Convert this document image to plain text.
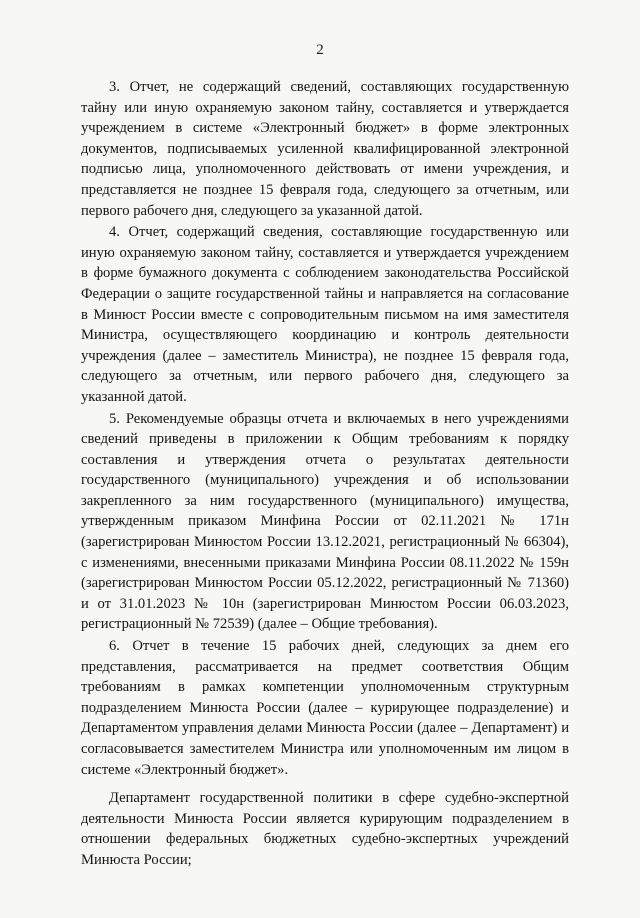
2

3. Отчет, не содержащий сведений, составляющих государственную тайну или иную охраняемую законом тайну, составляется и утверждается учреждением в системе «Электронный бюджет» в форме электронных документов, подписываемых усиленной квалифицированной электронной подписью лица, уполномоченного действовать от имени учреждения, и представляется не позднее 15 февраля года, следующего за отчетным, или первого рабочего дня, следующего за указанной датой.

4. Отчет, содержащий сведения, составляющие государственную или иную охраняемую законом тайну, составляется и утверждается учреждением в форме бумажного документа с соблюдением законодательства Российской Федерации о защите государственной тайны и направляется на согласование в Минюст России вместе с сопроводительным письмом на имя заместителя Министра, осуществляющего координацию и контроль деятельности учреждения (далее – заместитель Министра), не позднее 15 февраля года, следующего за отчетным, или первого рабочего дня, следующего за указанной датой.

5. Рекомендуемые образцы отчета и включаемых в него учреждениями сведений приведены в приложении к Общим требованиям к порядку составления и утверждения отчета о результатах деятельности государственного (муниципального) учреждения и об использовании закрепленного за ним государственного (муниципального) имущества, утвержденным приказом Минфина России от 02.11.2021 № 171н (зарегистрирован Минюстом России 13.12.2021, регистрационный № 66304), с изменениями, внесенными приказами Минфина России 08.11.2022 № 159н (зарегистрирован Минюстом России 05.12.2022, регистрационный № 71360) и от 31.01.2023 № 10н (зарегистрирован Минюстом России 06.03.2023, регистрационный № 72539) (далее – Общие требования).

6. Отчет в течение 15 рабочих дней, следующих за днем его представления, рассматривается на предмет соответствия Общим требованиям в рамках компетенции уполномоченным структурным подразделением Минюста России (далее – курирующее подразделение) и Департаментом управления делами Минюста России (далее – Департамент) и согласовывается заместителем Министра или уполномоченным им лицом в системе «Электронный бюджет».

Департамент государственной политики в сфере судебно-экспертной деятельности Минюста России является курирующим подразделением в отношении федеральных бюджетных судебно-экспертных учреждений Минюста России;
